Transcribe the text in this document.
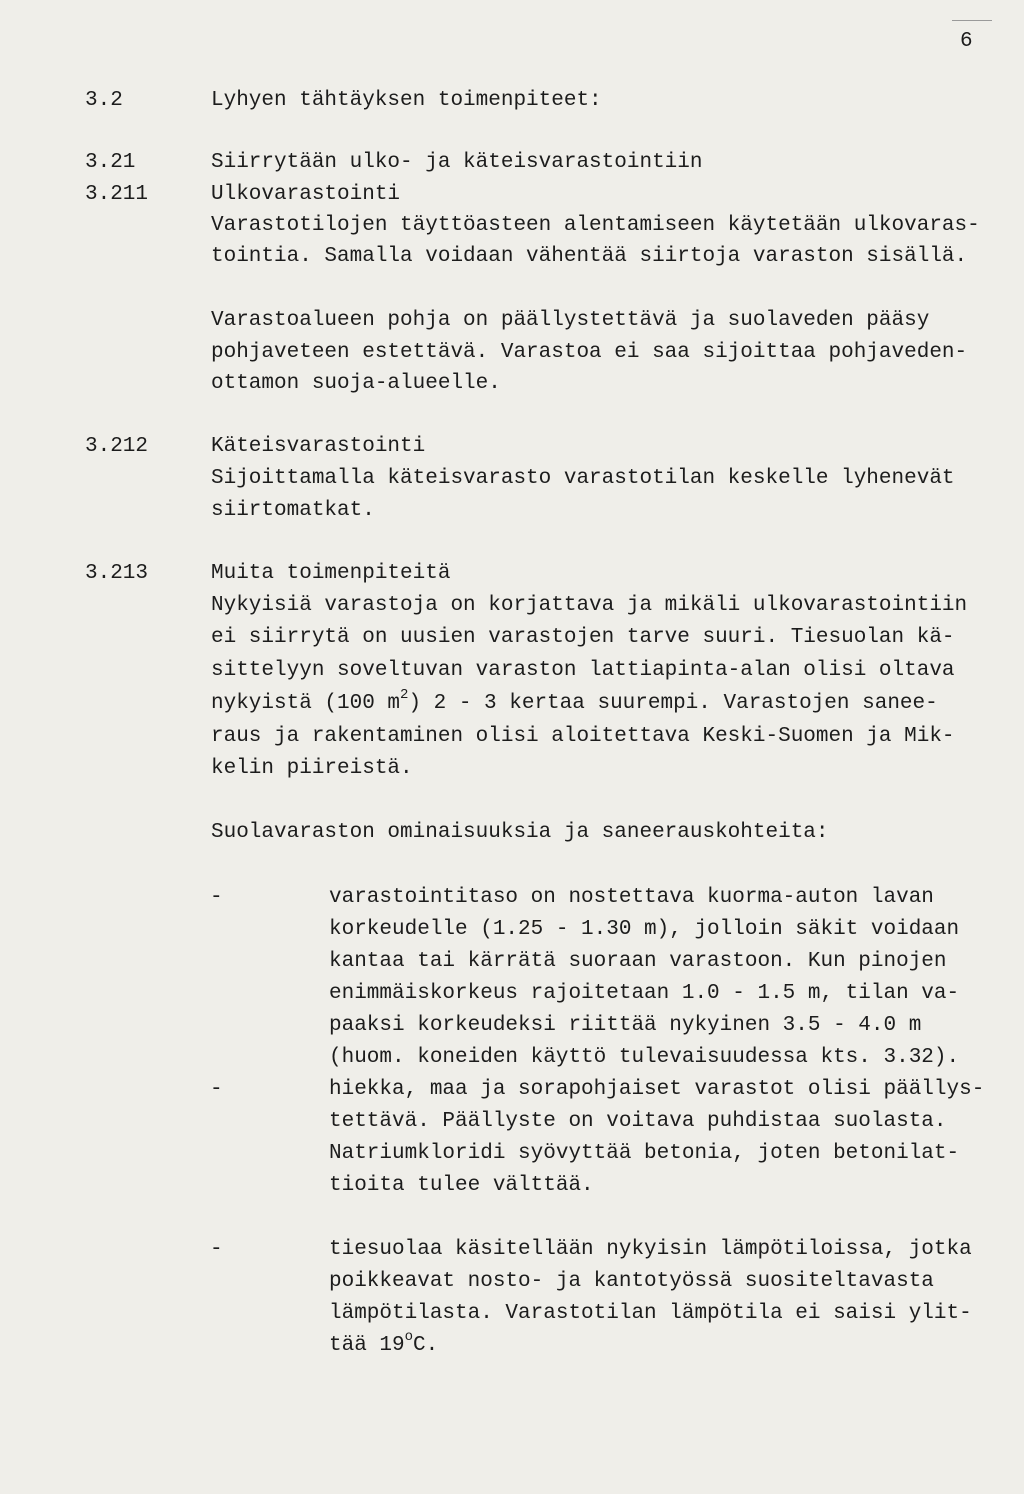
6
3.2	Lyhyen tähtäyksen toimenpiteet:
3.21	Siirrytään ulko- ja käteisvarastointiin
3.211	Ulkovarastointi
Varastotilojen täyttöasteen alentamiseen käytetään ulkovaras-
tointia. Samalla voidaan vähentää siirtoja varaston sisällä.
Varastoalueen pohja on päällystettävä ja suolaveden pääsy
pohjaveteen estettävä. Varastoa ei saa sijoittaa pohjaveden-
ottamon suoja-alueelle.
3.212	Käteisvarastointi
Sijoittamalla käteisvarasto varastotilan keskelle lyhenevät
siirtomatkat.
3.213	Muita toimenpiteitä
Nykyisiä varastoja on korjattava ja mikäli ulkovarastointiin
ei siirrytä on uusien varastojen tarve suuri. Tiesuolan kä-
sittelyyn soveltuvan varaston lattiapinta-alan olisi oltava
nykyistä (100 $m^2$) 2 - 3 kertaa suurempi. Varastojen sanee-
raus ja rakentaminen olisi aloitettava Keski-Suomen ja Mik-
kelin piireistä.
Suolavaraston ominaisuuksia ja saneerauskohteita:
-	varastointitaso on nostettava kuorma-auton lavan
korkeudelle (1.25 - 1.30 m), jolloin säkit voidaan
kantaa tai kärrätä suoraan varastoon. Kun pinojen
enimmäiskorkeus rajoitetaan 1.0 - 1.5 m, tilan va-
paaksi korkeudeksi riittää nykyinen 3.5 - 4.0 m
(huom. koneiden käyttö tulevaisuudessa kts. 3.32).
-	hiekka, maa ja sorapohjaiset varastot olisi päällys-
tettävä. Päällyste on voitava puhdistaa suolasta.
Natriumkloridi syövyttää betonia, joten betonilat-
tioita tulee välttää.
-	tiesuolaa käsitellään nykyisin lämpötiloissa, jotka
poikkeavat nosto- ja kantotyössä suositeltavasta
lämpötilasta. Varastotilan lämpötila ei saisi ylit-
tää 19$^o$C.
